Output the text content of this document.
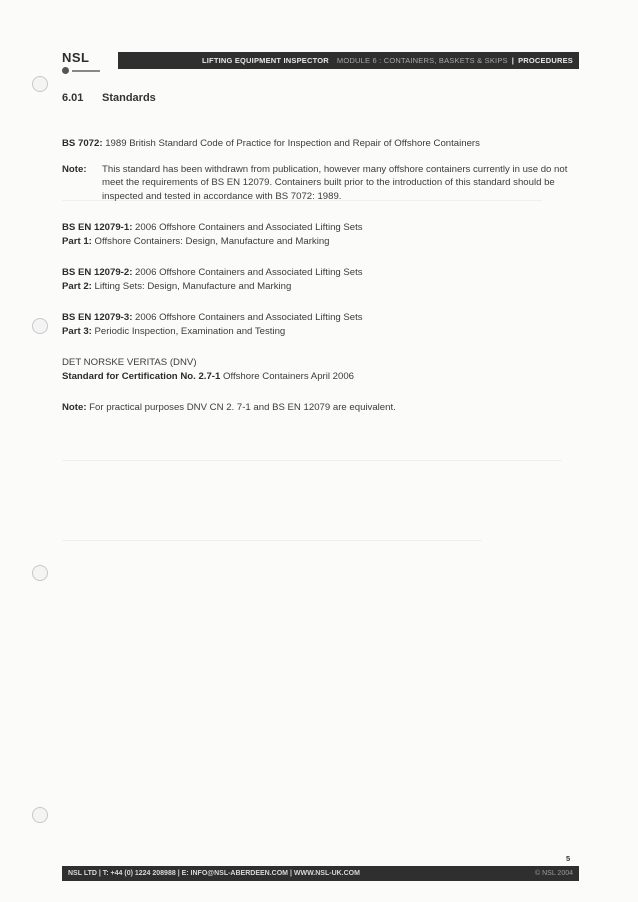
NSL	LIFTING EQUIPMENT INSPECTOR MODULE 6 : CONTAINERS, BASKETS & SKIPS | PROCEDURES
6.01 Standards

BS 7072: 1989 British Standard Code of Practice for Inspection and Repair of Offshore Containers

Note:	This standard has been withdrawn from publication, however many offshore containers currently in use do not meet the requirements of BS EN 12079. Containers built prior to the introduction of this standard should be inspected and tested in accordance with BS 7072: 1989.

BS EN 12079-1: 2006 Offshore Containers and Associated Lifting Sets
Part 1: Offshore Containers: Design, Manufacture and Marking

BS EN 12079-2: 2006 Offshore Containers and Associated Lifting Sets
Part 2: Lifting Sets: Design, Manufacture and Marking

BS EN 12079-3: 2006 Offshore Containers and Associated Lifting Sets
Part 3: Periodic Inspection, Examination and Testing

DET NORSKE VERITAS (DNV)
Standard for Certification No. 2.7-1 Offshore Containers April 2006

Note: For practical purposes DNV CN 2. 7-1 and BS EN 12079 are equivalent.

5
NSL LTD | T: +44 (0) 1224 208988 | E: INFO@NSL-ABERDEEN.COM | WWW.NSL-UK.COM	© NSL 2004
